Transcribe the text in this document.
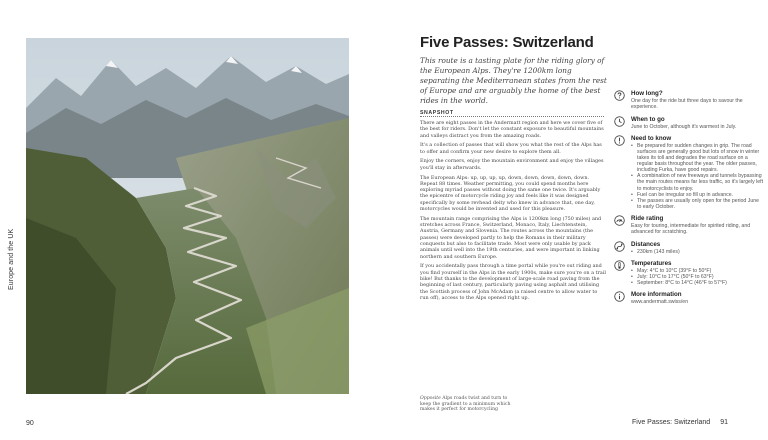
Europe and the UK
90
Five Passes: Switzerland

This route is a tasting plate for the riding glory of the European Alps. They're 1200km long separating the Mediterranean states from the rest of Europe and are arguably the home of the best rides in the world.

SNAPSHOT

There are eight passes in the Andermatt region and here we cover five of the best for riders. Don't let the constant exposure to beautiful mountains and valleys distract you from the amazing roads.

It's a collection of passes that will show you what the rest of the Alps has to offer and confirm your new desire to explore them all.

Enjoy the corners, enjoy the mountain environment and enjoy the villages you'll stay in afterwards.

The European Alps: up, up, up, up, down, down, down, down, down. Repeat 88 times. Weather permitting, you could spend months here exploring myriad passes without doing the same one twice. It's arguably the epicentre of motorcycle riding joy and feels like it was designed specifically by some revhead deity who knew in advance that, one day, motorcycles would be invented and used for this pleasure.

The mountain range comprising the Alps is 1200km long (750 miles) and stretches across France, Switzerland, Monaco, Italy, Liechtenstein, Austria, Germany and Slovenia. The routes across the mountains (the passes) were developed partly to help the Romans in their military conquests but also to facilitate trade. Most were only usable by pack animals until well into the 19th centuries, and were important in linking northern and southern Europe.

If you accidentally pass through a time portal while you're out riding and you find yourself in the Alps in the early 1900s, make sure you're on a trail bike! But thanks to the development of large-scale road paving from the beginning of last century, particularly paving using asphalt and utilising the Scottish process of John McAdam (a raised centre to allow water to run off), access to the Alps opened right up.

Opposite Alps roads twist and turn to keep the gradient to a minimum which makes it perfect for motorcycling
How long?
One day for the ride but three days to savour the experience.
When to go
June to October, although it's warmest in July.
Need to know
• Be prepared for sudden changes in grip. The road surfaces are generally good but lots of snow in winter takes its toll and degrades the road surface on a regular basis throughout the year. The older passes, including Furka, have good repairs.
• A combination of new freeways and tunnels bypassing the main routes means far less traffic, so it's largely left to motorcyclists to enjoy.
• Fuel can be irregular so fill up in advance.
• The passes are usually only open for the period June to early October.
Ride rating
Easy for touring, intermediate for spirited riding, and advanced for scratching.
Distances
• 230km (143 miles)
Temperatures
• May: 4°C to 10°C (39°F to 50°F)
• July: 10°C to 17°C (50°F to 63°F)
• September: 8°C to 14°C (46°F to 57°F)
More information
www.andermatt.swiss/en
Five Passes: Switzerland 91
